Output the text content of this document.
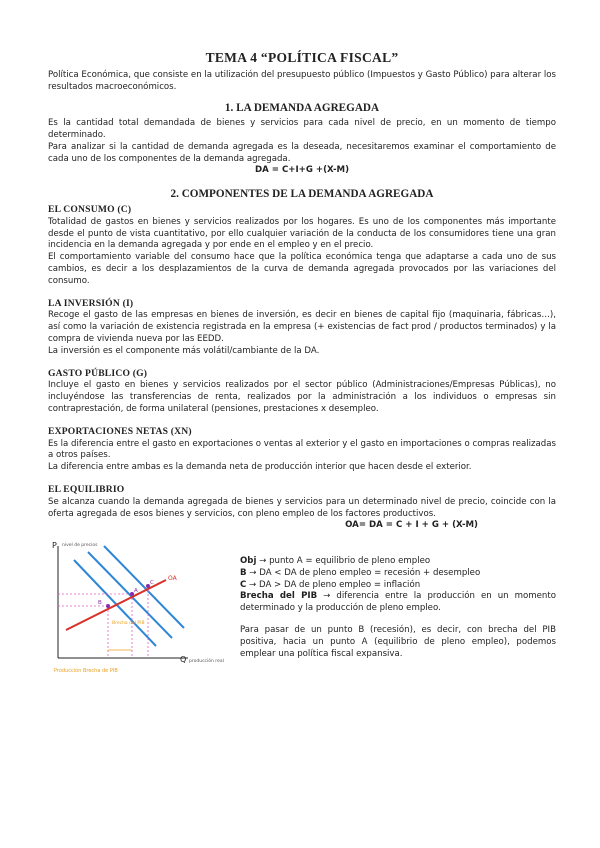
TEMA 4 “POLÍTICA FISCAL”

Política Económica, que consiste en la utilización del presupuesto público (Impuestos y Gasto Público) para alterar los resultados macroeconómicos.

1. LA DEMANDA AGREGADA

Es la cantidad total demandada de bienes y servicios para cada nivel de precio, en un momento de tiempo determinado.

Para analizar si la cantidad de demanda agregada es la deseada, necesitaremos examinar el comportamiento de cada uno de los componentes de la demanda agregada.

DA = C+I+G +(X-M)
2. COMPONENTES DE LA DEMANDA AGREGADA
EL CONSUMO (C)

Totalidad de gastos en bienes y servicios realizados por los hogares. Es uno de los componentes más importante desde el punto de vista cuantitativo, por ello cualquier variación de la conducta de los consumidores tiene una gran incidencia en la demanda agregada y por ende en el empleo y en el precio.

El comportamiento variable del consumo hace que la política económica tenga que adaptarse a cada uno de sus cambios, es decir a los desplazamientos de la curva de demanda agregada provocados por las variaciones del consumo.

LA INVERSIÓN (I)

Recoge el gasto de las empresas en bienes de inversión, es decir en bienes de capital fijo (maquinaria, fábricas…), así como la variación de existencia registrada en la empresa (+ existencias de fact prod / productos terminados) y la compra de vivienda nueva por las EEDD.

La inversión es el componente más volátil/cambiante de la DA.

GASTO PÚBLICO (G)

Incluye el gasto en bienes y servicios realizados por el sector público (Administraciones/Empresas Públicas), no incluyéndose las transferencias de renta, realizados por la administración a los individuos o empresas sin contraprestación, de forma unilateral (pensiones, prestaciones x desempleo.

EXPORTACIONES NETAS (XN)

Es la diferencia entre el gasto en exportaciones o ventas al exterior y el gasto en importaciones o compras realizadas a otros países.

La diferencia entre ambas es la demanda neta de producción interior que hacen desde el exterior.

EL EQUILIBRIO

Se alcanza cuando la demanda agregada de bienes y servicios para un determinado nivel de precio, coincide con la oferta agregada de esos bienes y servicios, con pleno empleo de los factores productivos.

OA= DA = C + I + G + (X-M)
P nivel de precios
Q producción real
OA
A
B
C
Brecha del PIB
Producción Brecha de PIB

Obj → punto A = equilibrio de pleno empleo

B → DA < DA de pleno empleo = recesión + desempleo

C → DA > DA de pleno empleo = inflación

Brecha del PIB → diferencia entre la producción en un momento determinado y la producción de pleno empleo.

Para pasar de un punto B (recesión), es decir, con brecha del PIB positiva, hacia un punto A (equilibrio de pleno empleo), podemos emplear una política fiscal expansiva.
